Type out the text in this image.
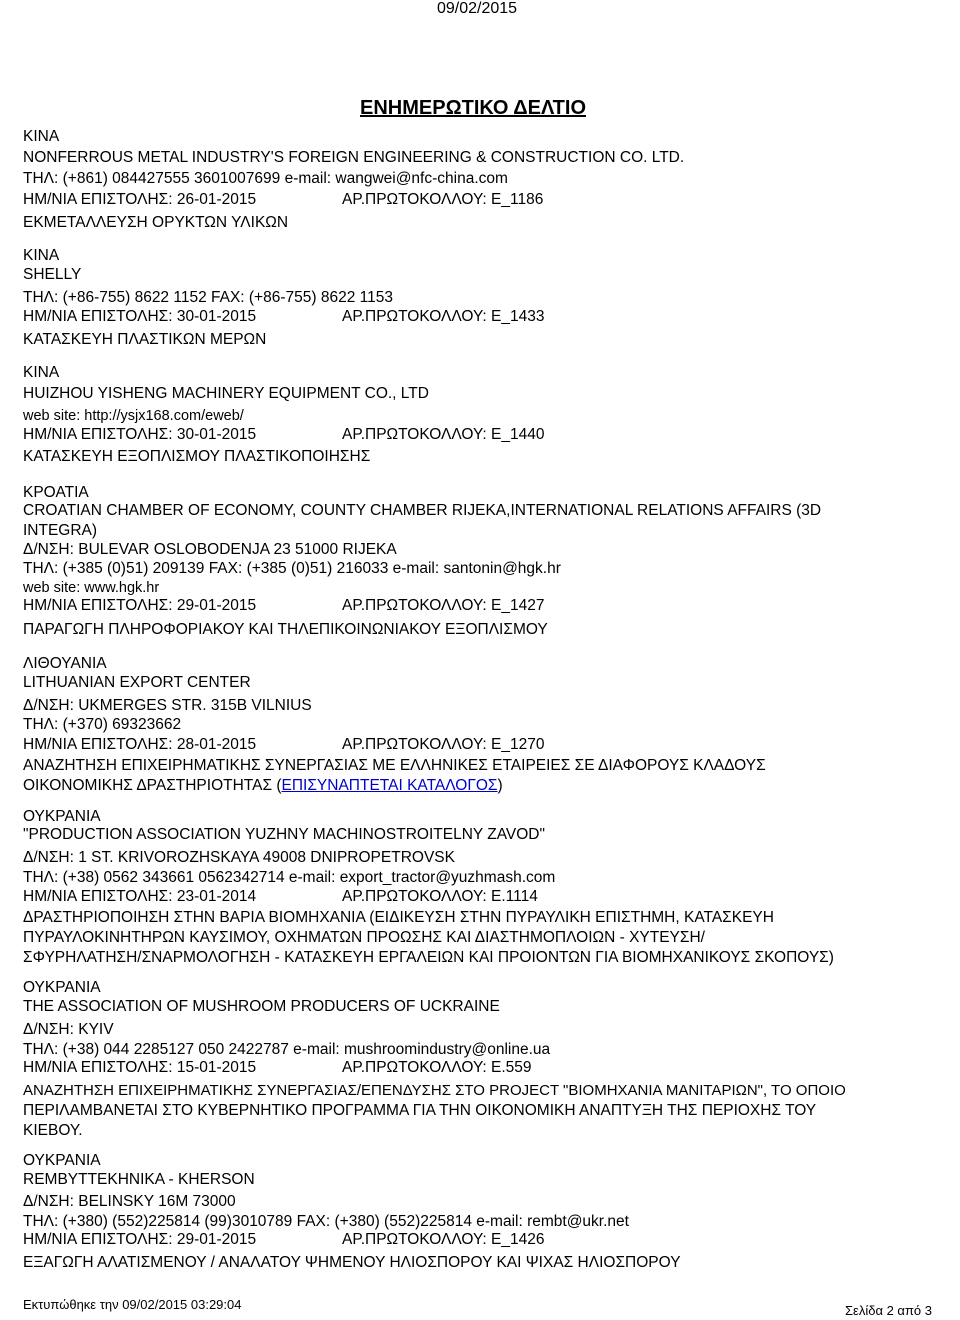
09/02/2015
ΕΝΗΜΕΡΩΤΙΚΟ ΔΕΛΤΙΟ
ΚΙΝΑ
NONFERROUS METAL INDUSTRY'S FOREIGN ENGINEERING & CONSTRUCTION CO. LTD.
ΤΗΛ: (+861) 084427555 3601007699 e-mail: wangwei@nfc-china.com
ΗΜ/ΝΙΑ ΕΠΙΣΤΟΛΗΣ: 26-01-2015	ΑΡ.ΠΡΩΤΟΚΟΛΛΟΥ: Ε_1186
ΕΚΜΕΤΑΛΛΕΥΣΗ ΟΡΥΚΤΩΝ ΥΛΙΚΩΝ
ΚΙΝΑ
SHELLY
ΤΗΛ: (+86-755) 8622 1152 FAX: (+86-755) 8622 1153
ΗΜ/ΝΙΑ ΕΠΙΣΤΟΛΗΣ: 30-01-2015	ΑΡ.ΠΡΩΤΟΚΟΛΛΟΥ: Ε_1433
ΚΑΤΑΣΚΕΥΗ ΠΛΑΣΤΙΚΩΝ ΜΕΡΩΝ
ΚΙΝΑ
HUIZHOU YISHENG MACHINERY EQUIPMENT CO., LTD
web site: http://ysjx168.com/eweb/
ΗΜ/ΝΙΑ ΕΠΙΣΤΟΛΗΣ: 30-01-2015	ΑΡ.ΠΡΩΤΟΚΟΛΛΟΥ: Ε_1440
ΚΑΤΑΣΚΕΥΗ ΕΞΟΠΛΙΣΜΟΥ ΠΛΑΣΤΙΚΟΠΟΙΗΣΗΣ
ΚΡΟΑΤΙΑ
CROATIAN CHAMBER OF ECONOMY, COUNTY CHAMBER RIJEKA,INTERNATIONAL RELATIONS AFFAIRS (3D
INTEGRA)
Δ/ΝΣΗ: BULEVAR OSLOBODENJA 23 51000 RIJEKA
ΤΗΛ: (+385 (0)51) 209139 FAX: (+385 (0)51) 216033 e-mail: santonin@hgk.hr
web site: www.hgk.hr
ΗΜ/ΝΙΑ ΕΠΙΣΤΟΛΗΣ: 29-01-2015	ΑΡ.ΠΡΩΤΟΚΟΛΛΟΥ: Ε_1427
ΠΑΡΑΓΩΓΗ ΠΛΗΡΟΦΟΡΙΑΚΟΥ ΚΑΙ ΤΗΛΕΠΙΚΟΙΝΩΝΙΑΚΟΥ ΕΞΟΠΛΙΣΜΟΥ
ΛΙΘΟΥΑΝΙΑ
LITHUANIAN EXPORT CENTER
Δ/ΝΣΗ: UKMERGES STR. 315B VILNIUS
ΤΗΛ: (+370) 69323662
ΗΜ/ΝΙΑ ΕΠΙΣΤΟΛΗΣ: 28-01-2015	ΑΡ.ΠΡΩΤΟΚΟΛΛΟΥ: Ε_1270
ΑΝΑΖΗΤΗΣΗ ΕΠΙΧΕΙΡΗΜΑΤΙΚΗΣ ΣΥΝΕΡΓΑΣΙΑΣ ΜΕ ΕΛΛΗΝΙΚΕΣ ΕΤΑΙΡΕΙΕΣ ΣΕ ΔΙΑΦΟΡΟΥΣ ΚΛΑΔΟΥΣ
ΟΙΚΟΝΟΜΙΚΗΣ ΔΡΑΣΤΗΡΙΟΤΗΤΑΣ (ΕΠΙΣΥΝΑΠΤΕΤΑΙ ΚΑΤΑΛΟΓΟΣ)
ΟΥΚΡΑΝΙΑ
"PRODUCTION ASSOCIATION YUZHNY MACHINOSTROITELNY ZAVOD"
Δ/ΝΣΗ: 1 ST. KRIVOROZHSKAYA 49008 DNIPROPETROVSK
ΤΗΛ: (+38) 0562 343661 0562342714 e-mail: export_tractor@yuzhmash.com
ΗΜ/ΝΙΑ ΕΠΙΣΤΟΛΗΣ: 23-01-2014	ΑΡ.ΠΡΩΤΟΚΟΛΛΟΥ: Ε.1114
ΔΡΑΣΤΗΡΙΟΠΟΙΗΣΗ ΣΤΗΝ ΒΑΡΙΑ ΒΙΟΜΗΧΑΝΙΑ (ΕΙΔΙΚΕΥΣΗ ΣΤΗΝ ΠΥΡΑΥΛΙΚΗ ΕΠΙΣΤΗΜΗ, ΚΑΤΑΣΚΕΥΗ
ΠΥΡΑΥΛΟΚΙΝΗΤΗΡΩΝ ΚΑΥΣΙΜΟΥ, ΟΧΗΜΑΤΩΝ ΠΡΟΩΣΗΣ ΚΑΙ ΔΙΑΣΤΗΜΟΠΛΟΙΩΝ - ΧΥΤΕΥΣΗ/
ΣΦΥΡΗΛΑΤΗΣΗ/ΣΝΑΡΜΟΛΟΓΗΣΗ - ΚΑΤΑΣΚΕΥΗ ΕΡΓΑΛΕΙΩΝ ΚΑΙ ΠΡΟΙΟΝΤΩΝ ΓΙΑ ΒΙΟΜΗΧΑΝΙΚΟΥΣ ΣΚΟΠΟΥΣ)
ΟΥΚΡΑΝΙΑ
THE ASSOCIATION OF MUSHROOM PRODUCERS OF UCKRAINE
Δ/ΝΣΗ: KYIV
ΤΗΛ: (+38) 044 2285127 050 2422787 e-mail: mushroomindustry@online.ua
ΗΜ/ΝΙΑ ΕΠΙΣΤΟΛΗΣ: 15-01-2015	ΑΡ.ΠΡΩΤΟΚΟΛΛΟΥ: Ε.559
ΑΝΑΖΗΤΗΣΗ ΕΠΙΧΕΙΡΗΜΑΤΙΚΗΣ ΣΥΝΕΡΓΑΣΙΑΣ/ΕΠΕΝΔΥΣΗΣ ΣΤΟ PROJECT "ΒΙΟΜΗΧΑΝΙΑ ΜΑΝΙΤΑΡΙΩΝ", ΤΟ ΟΠΟΙΟ
ΠΕΡΙΛΑΜΒΑΝΕΤΑΙ ΣΤΟ ΚΥΒΕΡΝΗΤΙΚΟ ΠΡΟΓΡΑΜΜΑ ΓΙΑ ΤΗΝ ΟΙΚΟΝΟΜΙΚΗ ΑΝΑΠΤΥΞΗ ΤΗΣ ΠΕΡΙΟΧΗΣ ΤΟΥ
ΚΙΕΒΟΥ.
ΟΥΚΡΑΝΙΑ
REMBYTTEKHNIKA - KHERSON
Δ/ΝΣΗ: BELINSKY 16M 73000
ΤΗΛ: (+380) (552)225814 (99)3010789 FAX: (+380) (552)225814 e-mail: rembt@ukr.net
ΗΜ/ΝΙΑ ΕΠΙΣΤΟΛΗΣ: 29-01-2015	ΑΡ.ΠΡΩΤΟΚΟΛΛΟΥ: Ε_1426
ΕΞΑΓΩΓΗ ΑΛΑΤΙΣΜΕΝΟΥ / ΑΝΑΛΑΤΟΥ ΨΗΜΕΝΟΥ ΗΛΙΟΣΠΟΡΟΥ ΚΑΙ ΨΙΧΑΣ ΗΛΙΟΣΠΟΡΟΥ
Εκτυπώθηκε την 09/02/2015 03:29:04	Σελίδα 2 από 3
